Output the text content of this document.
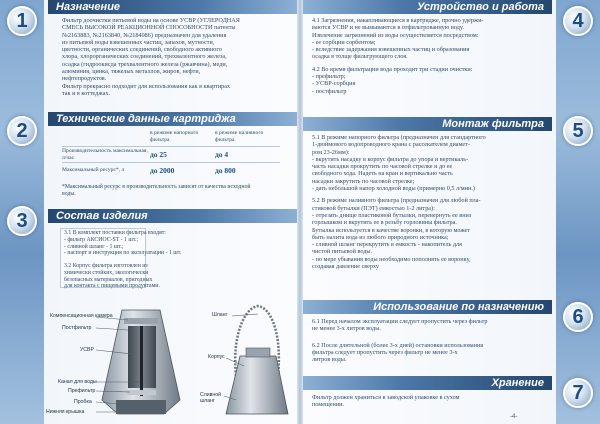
1
Назначение
Фильтр доочистки питьевой воды на основе УСВР (УГЛЕРОДНАЯ
СМЕСЬ ВЫСОКОЙ РЕАКЦИОННОЙ СПОСОБНОСТИ патенты
№2163883, №2163840, №2184086) предназначен для удаления
из питьевой воды взвешенных частиц, запахов, мутности,
цветности, органических соединений, свободного активного
хлора, хлорорганических соединений, трехвалентного железа,
осадка (гидроокисда трехвалентного железа (ржавчина), меди,
алюминия, цинка, тяжелых металлов, жиров, нефти,
нефтепродуктов.
Фильтр прекрасно подходит для использования как в квартирах
так и в коттеджах.
2
Технические данные картриджа
в режиме напорного фильтра
в режиме наливного фильтра
Производительность максимальная, л/час	до 25	до 4
Максимальный ресурс*, л	до 2000	до 800
*Максимальный ресурс в производительность зависят от качества исходной воды.
3	Состав изделия
3.1 В комплект поставки фильтра входят:
- фильтр АКСИОС-ST - 1 шт.;
- сливной шланг - 1 шт.;
- паспорт и инструкция по эксплуатации - 1 шт.
3.2 Корпус фильтра изготовлен из
химически стойких, экологически
безопасных материалов, пригодных
для контакта с пищевыми продуктами.
Компенсационная камера
Постфильтр
УСВР
Канал для воды
Префильтр
Пробка
Нижняя крышка
Шланг
Корпус
Сливной шланг
4
Устройство и работа
4.1 Загрязнения, накапливающиеся в картридже, прочно удержи-
ваются УСВР и не вымываются в отфильтрованную воду.
Извлечение загрязнений из воды осуществляется посредством:
- ее сорбции сорбентом;
- вследствие задержания взвешенных частиц и образования
осадка в толще фильтрующего слоя.
4.2 Во время фильтрации вода проходит три стадии очистки:
- префильтр;
- УСВР-сорбция
- постфильтр
5
Монтаж фильтра
5.1 В режиме напорного фильтра (предназначен для стандартного
1-дюймового водопроводного крана с рассекателем диамет-
ром 23-26мм):
- вкрутить насадку в корпус фильтра до упора и вертикаль-
часть насадки прокрутить по часовой стрелке и до ее
свободного хода. Надеть на кран и вертикально часть
насадки закрутить по часовой стрелке;
- дать небольшой напор холодной воды (примерно 0,5 л/мин.)
5.2 В режиме наливного фильтра (предназначен для любой пла-
стиковой бутылки (ПЭТ) емкостью 1-2 литра):
- отрезать днище пластиковой бутылки, перевернуть ее вниз
горлышком и вкрутить ее в резьбу горловины фильтра.
Бутылка используется в качестве воронки, в которую может
быть налита вода из любого природного источника;
- сливной шланг перекрутить в емкость - накопитель для
чистой питьевой воды.
- по мере убывания воды необходимо пополнять ее воронку,
создавая давление сверху
6
Использование по назначению
6.1 Перед началом эксплуатации следует пропустить через фильтр
не менее 3-х литров воды.
6.2 После длительной (более 3-х дней) остановки использования
фильтра следует пропустить через фильтр не менее 3-х
литров воды.
7
Хранение
Фильтр должен храниться в заводской упаковке в сухом
помещении.
-4-
